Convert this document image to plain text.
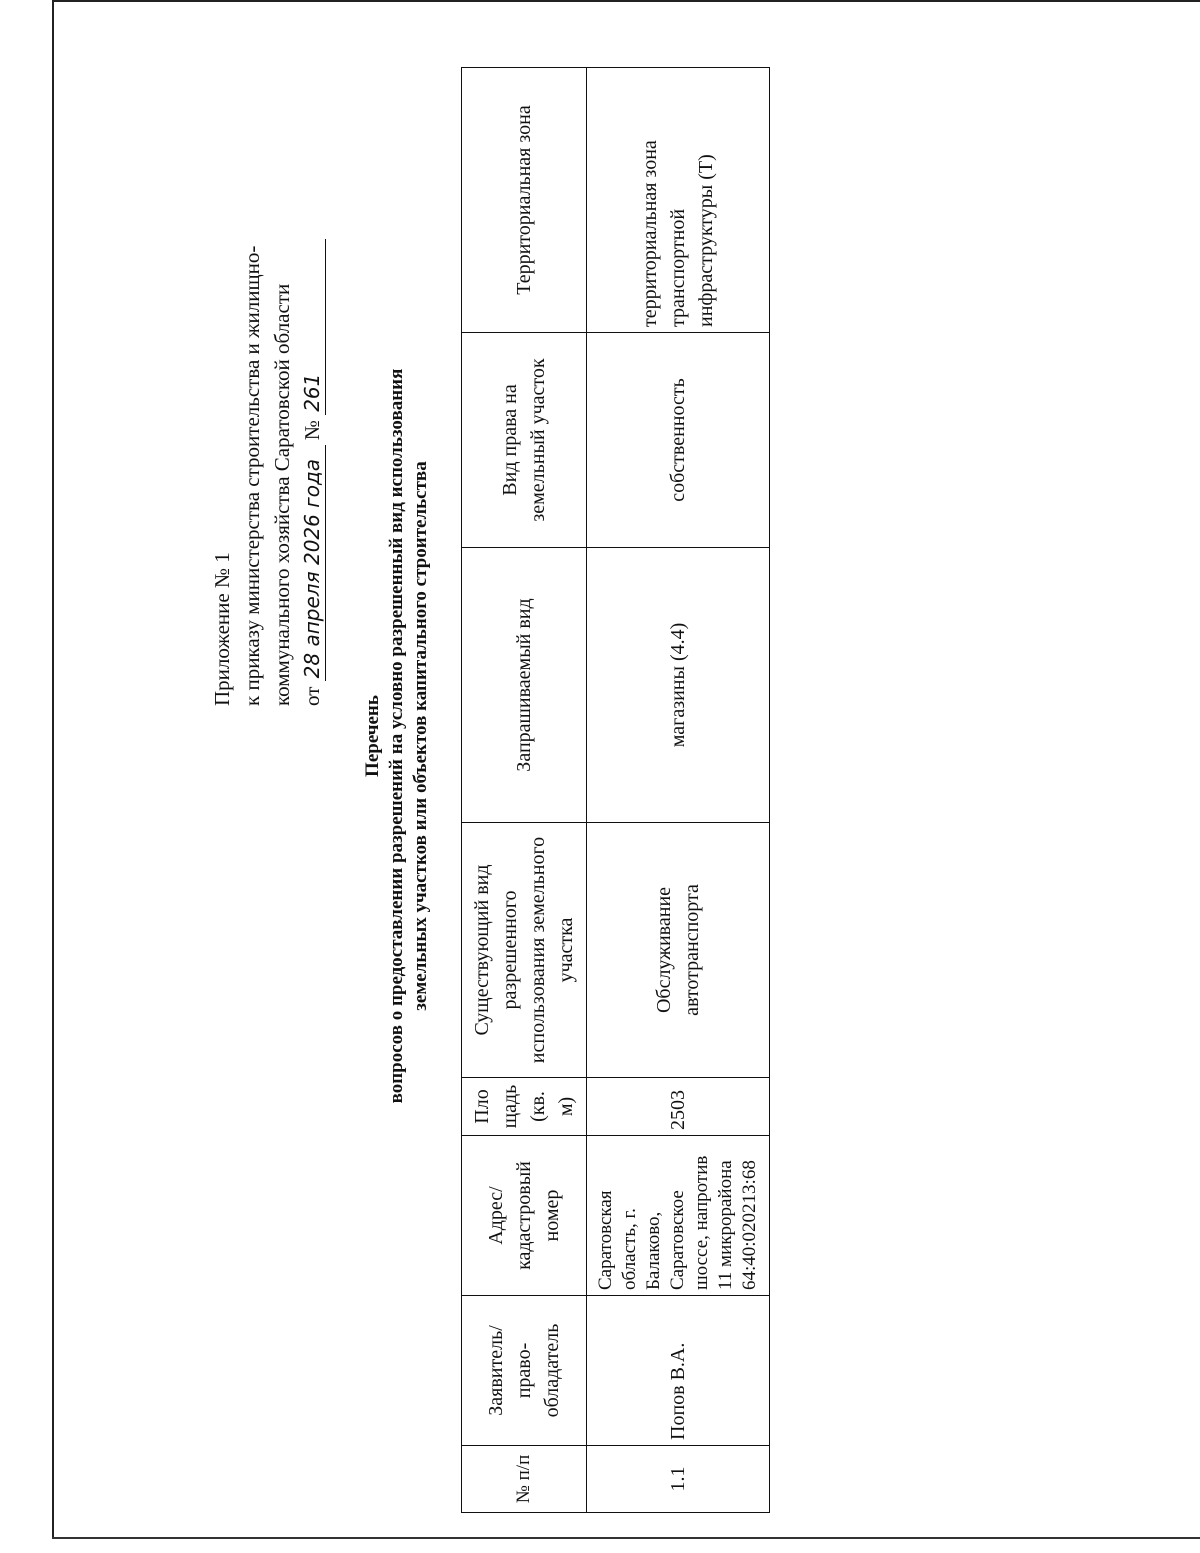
Приложение № 1 к приказу министерства строительства и жилищно- коммунального хозяйства Саратовской области от 28 апреля 2026 года № 261
Перечень вопросов о предоставлении разрешений на условно разрешенный вид использования земельных участков или объектов капитального строительства
№ п/п	Заявитель/ право-обладатель	Адрес/ кадастровый номер	Пло щадь (кв. м)	Существующий вид разрешенного использования земельного участка	Запрашиваемый вид	Вид права на земельный участок	Территориальная зона
1.1	Попов В.А.	Саратовская область, г. Балаково, Саратовское шоссе, напротив 11 микрорайона 64:40:020213:68	2503	Обслуживание автотранспорта	магазины (4.4)	собственность	территориальная зона транспортной инфраструктуры (Т)
